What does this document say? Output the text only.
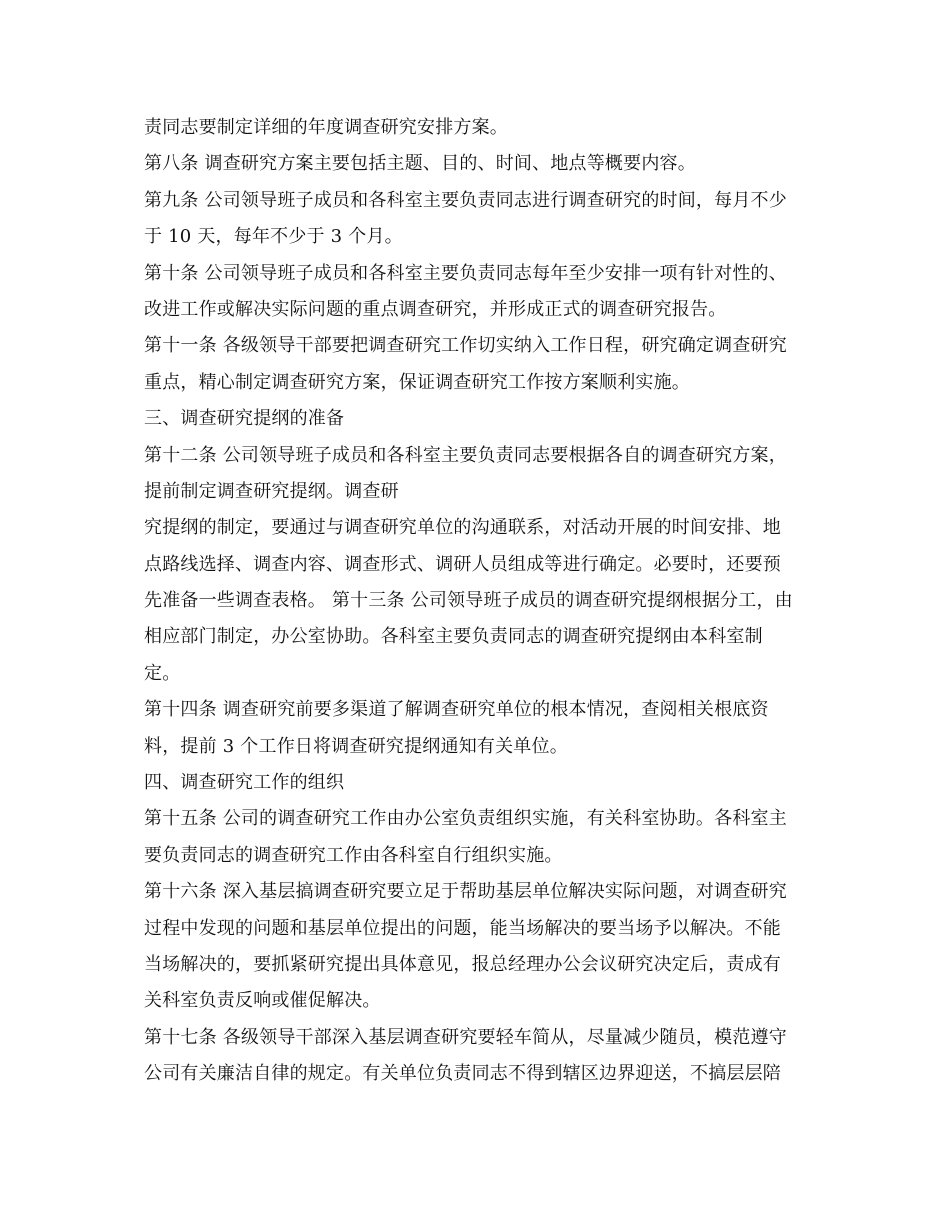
责同志要制定详细的年度调查研究安排方案。
第八条 调查研究方案主要包括主题、目的、时间、地点等概要内容。
第九条 公司领导班子成员和各科室主要负责同志进行调查研究的时间，每月不少
于 10 天，每年不少于 3 个月。
第十条 公司领导班子成员和各科室主要负责同志每年至少安排一项有针对性的、
改进工作或解决实际问题的重点调查研究，并形成正式的调查研究报告。
第十一条 各级领导干部要把调查研究工作切实纳入工作日程，研究确定调查研究
重点，精心制定调查研究方案，保证调查研究工作按方案顺利实施。
三、调查研究提纲的准备
第十二条 公司领导班子成员和各科室主要负责同志要根据各自的调查研究方案，
提前制定调查研究提纲。调查研
究提纲的制定，要通过与调查研究单位的沟通联系，对活动开展的时间安排、地
点路线选择、调查内容、调查形式、调研人员组成等进行确定。必要时，还要预
先准备一些调查表格。 第十三条 公司领导班子成员的调查研究提纲根据分工，由
相应部门制定，办公室协助。各科室主要负责同志的调查研究提纲由本科室制
定。
第十四条 调查研究前要多渠道了解调查研究单位的根本情况，查阅相关根底资
料，提前 3 个工作日将调查研究提纲通知有关单位。
四、调查研究工作的组织
第十五条 公司的调查研究工作由办公室负责组织实施，有关科室协助。各科室主
要负责同志的调查研究工作由各科室自行组织实施。
第十六条 深入基层搞调查研究要立足于帮助基层单位解决实际问题，对调查研究
过程中发现的问题和基层单位提出的问题，能当场解决的要当场予以解决。不能
当场解决的，要抓紧研究提出具体意见，报总经理办公会议研究决定后，责成有
关科室负责反响或催促解决。
第十七条 各级领导干部深入基层调查研究要轻车简从，尽量减少随员，模范遵守
公司有关廉洁自律的规定。有关单位负责同志不得到辖区边界迎送，不搞层层陪
